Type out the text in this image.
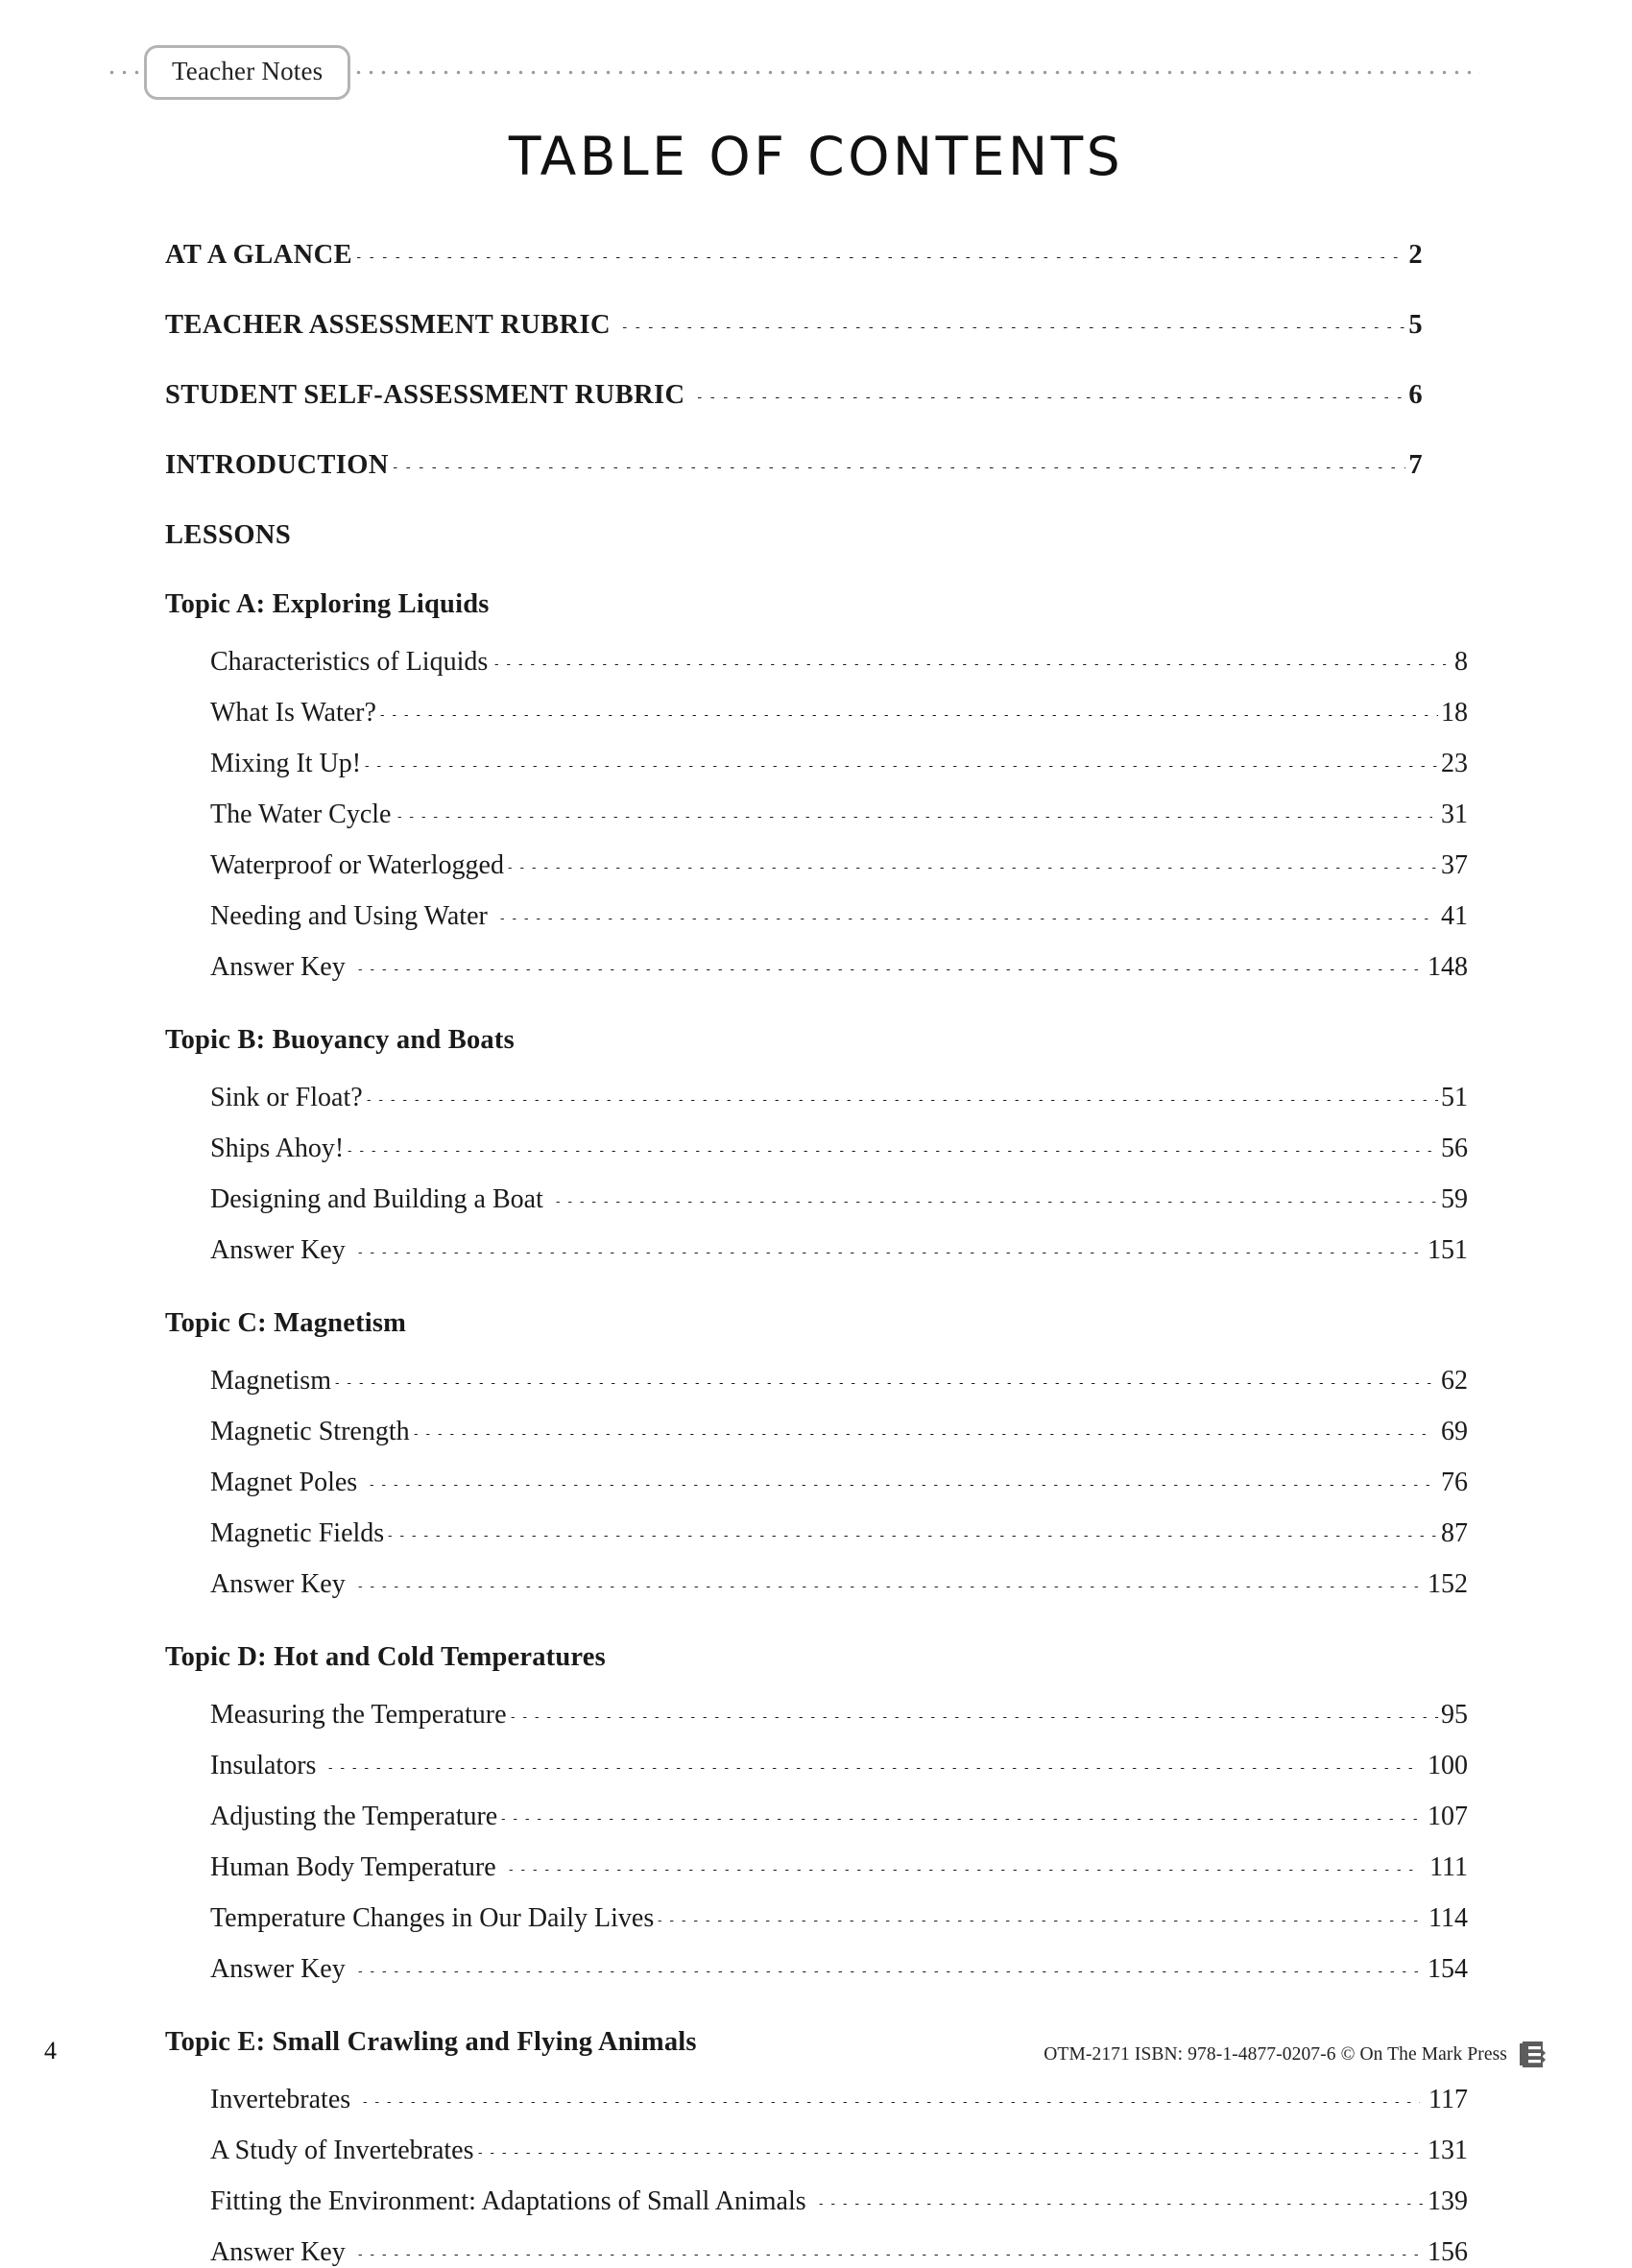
Teacher Notes
TABLE OF CONTENTS
AT A GLANCE	2
TEACHER ASSESSMENT RUBRIC	5
STUDENT SELF-ASSESSMENT RUBRIC	6
INTRODUCTION	7
LESSONS
Topic A: Exploring Liquids
Characteristics of Liquids	8
What Is Water?	18
Mixing It Up!	23
The Water Cycle	31
Waterproof or Waterlogged	37
Needing and Using Water	41
Answer Key	148
Topic B: Buoyancy and Boats
Sink or Float?	51
Ships Ahoy!	56
Designing and Building a Boat	59
Answer Key	151
Topic C: Magnetism
Magnetism	62
Magnetic Strength	69
Magnet Poles	76
Magnetic Fields	87
Answer Key	152
Topic D: Hot and Cold Temperatures
Measuring the Temperature	95
Insulators	100
Adjusting the Temperature	107
Human Body Temperature	111
Temperature Changes in Our Daily Lives	114
Answer Key	154
Topic E: Small Crawling and Flying Animals
Invertebrates	117
A Study of Invertebrates	131
Fitting the Environment: Adaptations of Small Animals	139
Answer Key	156
4	OTM-2171 ISBN: 978-1-4877-0207-6 © On The Mark Press
